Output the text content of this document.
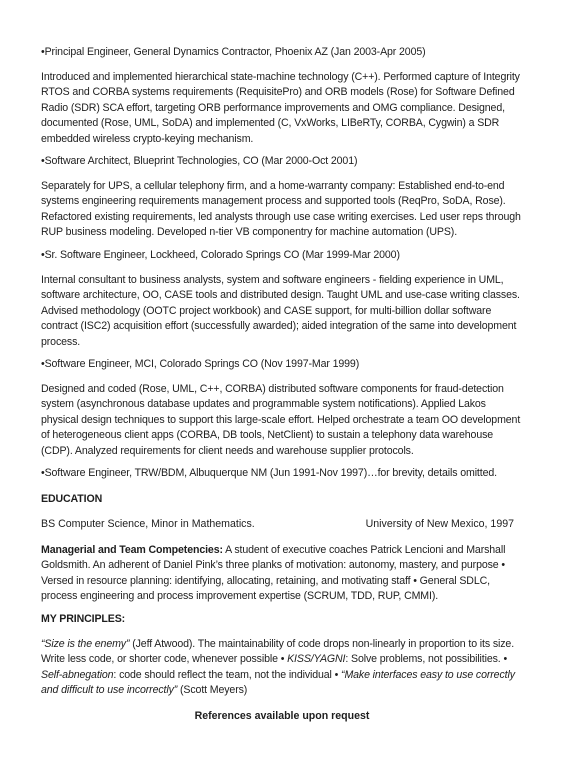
•Principal Engineer, General Dynamics Contractor, Phoenix AZ (Jan 2003-Apr 2005)
Introduced and implemented hierarchical state-machine technology (C++). Performed capture of Integrity RTOS and CORBA systems requirements (RequisitePro) and ORB models (Rose) for Software Defined Radio (SDR) SCA effort, targeting ORB performance improvements and OMG compliance. Designed, documented (Rose, UML, SoDA) and implemented (C, VxWorks, LIBeRTy, CORBA, Cygwin) a SDR embedded wireless crypto-keying mechanism.
•Software Architect, Blueprint Technologies, CO (Mar 2000-Oct 2001)
Separately for UPS, a cellular telephony firm, and a home-warranty company: Established end-to-end systems engineering requirements management process and supported tools (ReqPro, SoDA, Rose). Refactored existing requirements, led analysts through use case writing exercises. Led user reps through RUP business modeling. Developed n-tier VB componentry for machine automation (UPS).
•Sr. Software Engineer, Lockheed, Colorado Springs CO (Mar 1999-Mar 2000)
Internal consultant to business analysts, system and software engineers - fielding experience in UML, software architecture, OO, CASE tools and distributed design. Taught UML and use-case writing classes. Advised methodology (OOTC project workbook) and CASE support, for multi-billion dollar software contract (ISC2) acquisition effort (successfully awarded); aided integration of the same into development process.
•Software Engineer, MCI, Colorado Springs CO (Nov 1997-Mar 1999)
Designed and coded (Rose, UML, C++, CORBA) distributed software components for fraud-detection system (asynchronous database updates and programmable system notifications). Applied Lakos physical design techniques to support this large-scale effort. Helped orchestrate a team OO development of heterogeneous client apps (CORBA, DB tools, NetClient) to sustain a telephony data warehouse (CDP). Analyzed requirements for client needs and warehouse supplier protocols.
•Software Engineer, TRW/BDM, Albuquerque NM (Jun 1991-Nov 1997)…for brevity, details omitted.
EDUCATION
BS Computer Science, Minor in Mathematics.	University of New Mexico, 1997
Managerial and Team Competencies: A student of executive coaches Patrick Lencioni and Marshall Goldsmith. An adherent of Daniel Pink’s three planks of motivation: autonomy, mastery, and purpose • Versed in resource planning: identifying, allocating, retaining, and motivating staff • General SDLC, process engineering and process improvement expertise (SCRUM, TDD, RUP, CMMI).
MY PRINCIPLES:
“Size is the enemy” (Jeff Atwood). The maintainability of code drops non-linearly in proportion to its size. Write less code, or shorter code, whenever possible • KISS/YAGNI: Solve problems, not possibilities. • Self-abnegation: code should reflect the team, not the individual • “Make interfaces easy to use correctly and difficult to use incorrectly” (Scott Meyers)
References available upon request
